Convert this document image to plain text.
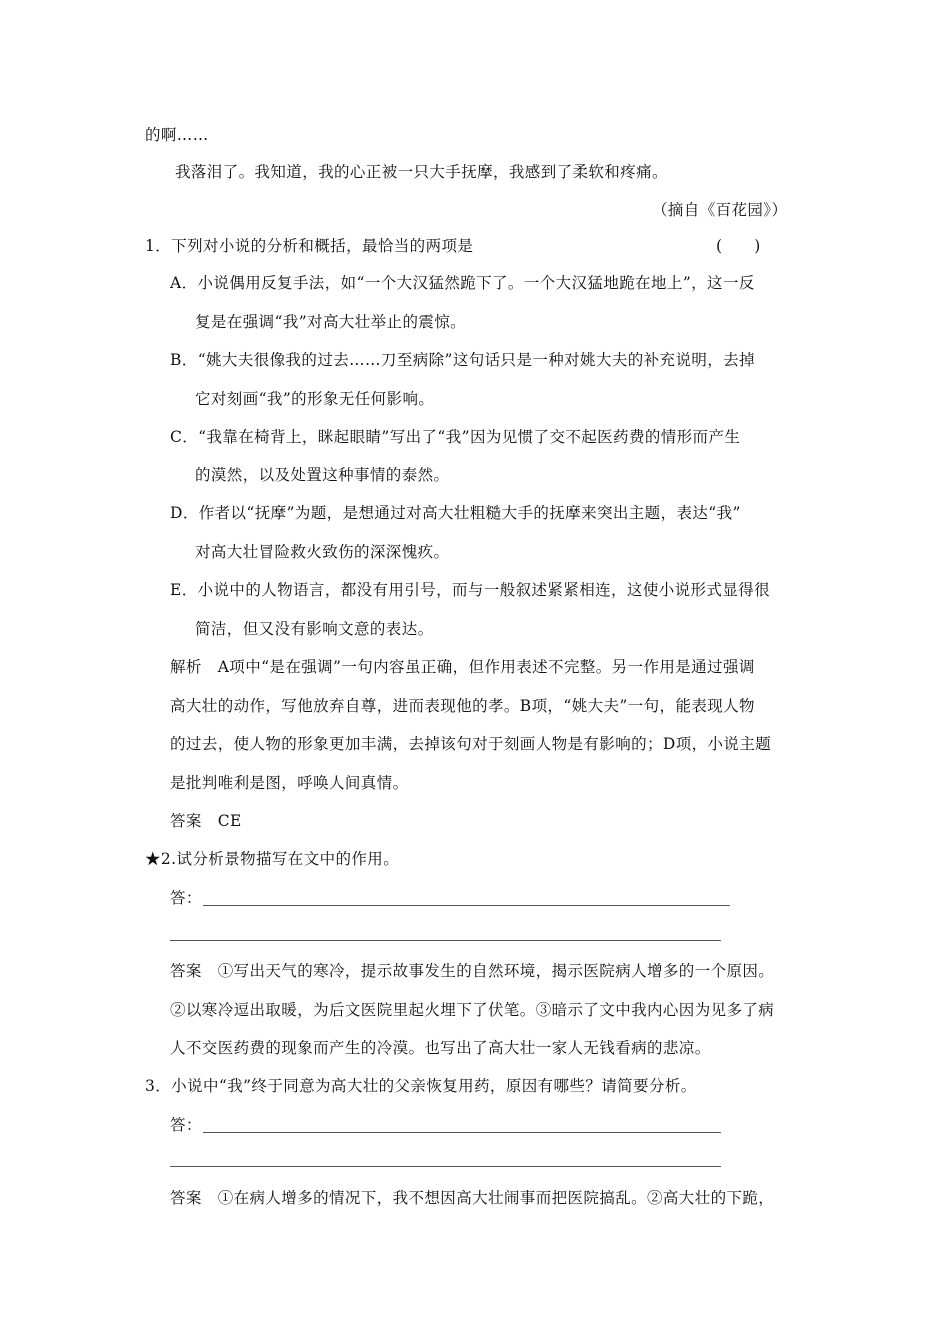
的啊……
我落泪了。我知道，我的心正被一只大手抚摩，我感到了柔软和疼痛。
（摘自《百花园》）
1．下列对小说的分析和概括，最恰当的两项是	(　　)
A．小说偶用反复手法，如“一个大汉猛然跪下了。一个大汉猛地跪在地上”，这一反
复是在强调“我”对高大壮举止的震惊。
B．“姚大夫很像我的过去……刀至病除”这句话只是一种对姚大夫的补充说明，去掉
它对刻画“我”的形象无任何影响。
C．“我靠在椅背上，眯起眼睛”写出了“我”因为见惯了交不起医药费的情形而产生
的漠然，以及处置这种事情的泰然。
D．作者以“抚摩”为题，是想通过对高大壮粗糙大手的抚摩来突出主题，表达“我”
对高大壮冒险救火致伤的深深愧疚。
E．小说中的人物语言，都没有用引号，而与一般叙述紧紧相连，这使小说形式显得很
简洁，但又没有影响文意的表达。
解析　A项中“是在强调”一句内容虽正确，但作用表述不完整。另一作用是通过强调
高大壮的动作，写他放弃自尊，进而表现他的孝。B项，“姚大夫”一句，能表现人物
的过去，使人物的形象更加丰满，去掉该句对于刻画人物是有影响的；D项，小说主题
是批判唯利是图，呼唤人间真情。
答案　CE
★2.试分析景物描写在文中的作用。
答：
答案　①写出天气的寒冷，提示故事发生的自然环境，揭示医院病人增多的一个原因。
②以寒冷逗出取暖，为后文医院里起火埋下了伏笔。③暗示了文中我内心因为见多了病
人不交医药费的现象而产生的冷漠。也写出了高大壮一家人无钱看病的悲凉。
3．小说中“我”终于同意为高大壮的父亲恢复用药，原因有哪些？请简要分析。
答：
答案　①在病人增多的情况下，我不想因高大壮闹事而把医院搞乱。②高大壮的下跪，
